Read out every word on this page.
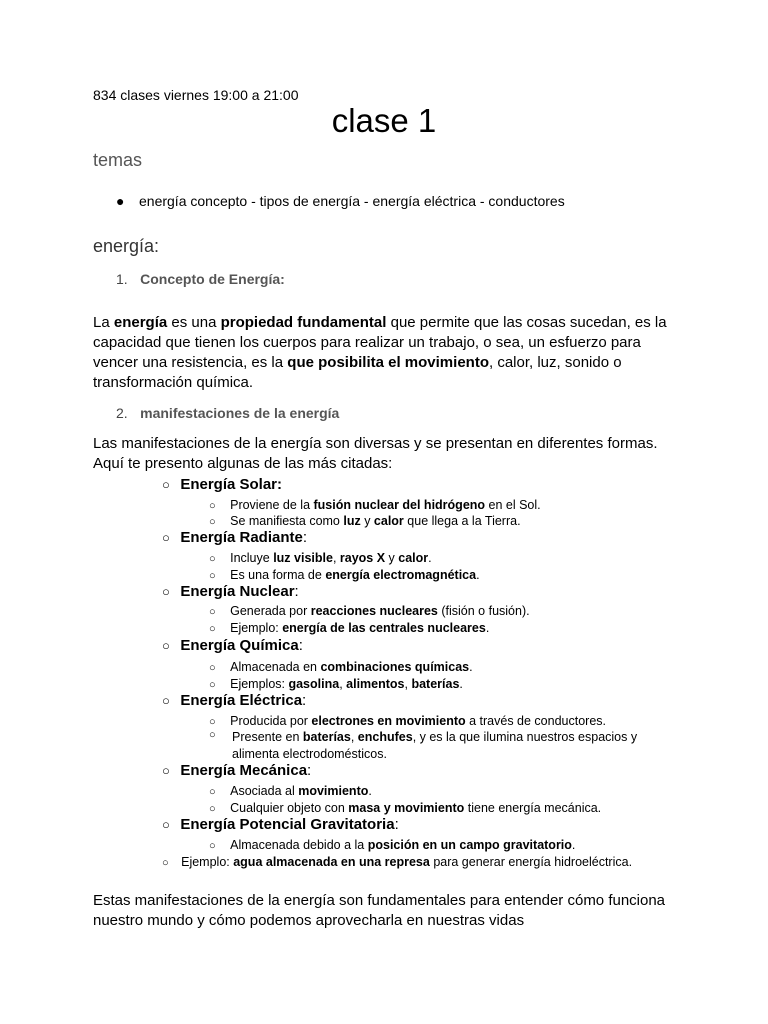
834 clases viernes 19:00 a 21:00
clase 1
temas
● energía concepto - tipos de energía - energía eléctrica - conductores
energía:
1. Concepto de Energía:
La energía es una propiedad fundamental que permite que las cosas sucedan, es la capacidad que tienen los cuerpos para realizar un trabajo, o sea, un esfuerzo para vencer una resistencia, es la que posibilita el movimiento, calor, luz, sonido o transformación química.
2. manifestaciones de la energía
Las manifestaciones de la energía son diversas y se presentan en diferentes formas. Aquí te presento algunas de las más citadas:
○ Energía Solar:
○ Proviene de la fusión nuclear del hidrógeno en el Sol.
○ Se manifiesta como luz y calor que llega a la Tierra.
○ Energía Radiante:
○ Incluye luz visible, rayos X y calor.
○ Es una forma de energía electromagnética.
○ Energía Nuclear:
○ Generada por reacciones nucleares (fisión o fusión).
○ Ejemplo: energía de las centrales nucleares.
○ Energía Química:
○ Almacenada en combinaciones químicas.
○ Ejemplos: gasolina, alimentos, baterías.
○ Energía Eléctrica:
○ Producida por electrones en movimiento a través de conductores.
○ Presente en baterías, enchufes, y es la que ilumina nuestros espacios y alimenta electrodomésticos.
○ Energía Mecánica:
○ Asociada al movimiento.
○ Cualquier objeto con masa y movimiento tiene energía mecánica.
○ Energía Potencial Gravitatoria:
○ Almacenada debido a la posición en un campo gravitatorio.
○ Ejemplo: agua almacenada en una represa para generar energía hidroeléctrica.
Estas manifestaciones de la energía son fundamentales para entender cómo funciona nuestro mundo y cómo podemos aprovecharla en nuestras vidas
